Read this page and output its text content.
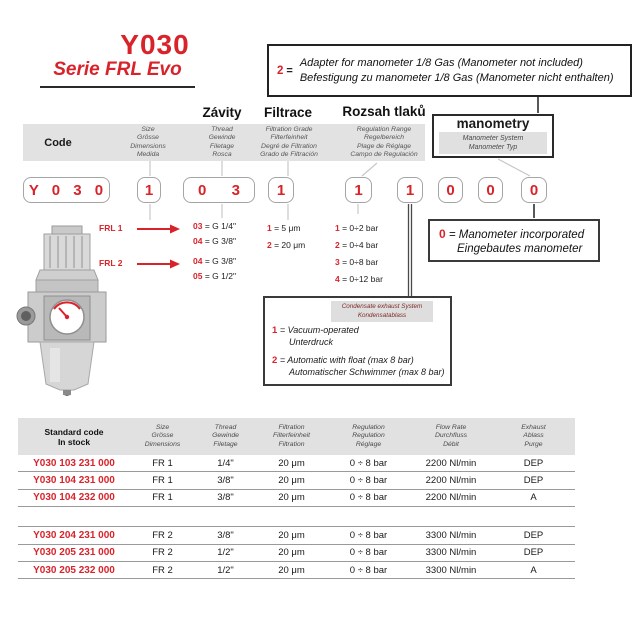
Y030
Serie FRL Evo	2 =
Adapter for manometer 1/8 Gas (Manometer not included)
Befestigung zu manometer 1/8 Gas (Manometer nicht enthalten)
Závity	Filtrace	Rozsah tlaků
Code
Size
Grösse
Dimensions
Medida
Thread
Gewinde
Filetage
Rosca
Filtration Grade
Filterfeinheit
Degré de Filtration
Grado de Filtración
Regulation Range
Regelbereich
Plage de Réglage
Campo de Regulación
manometry
Manometer System
Manometer Typ
Y 0 3 0	1	0 3	1	1	1	0	0	0
FRL 1
FRL 2
03 = G 1/4"
04 = G 3/8"
04 = G 3/8"
05 = G 1/2"
1 = 5 μm
2 = 20 μm
1 = 0÷2 bar
2 = 0÷4 bar
3 = 0÷8 bar
4 = 0÷12 bar
0 = Manometer incorporated
Eingebautes manometer
Condensate exhaust System
Kondensatablass
1 = Vacuum-operated
Unterdruck
2 = Automatic with float (max 8 bar)
Automatischer Schwimmer (max 8 bar)
Standard code
In stock
Size
Grösse
Dimensions
Thread
Gewinde
Filetage
Filtration
Filterfeinheit
Filtration
Regulation
Regulation
Réglage
Flow Rate
Durchfluss
Débit
Exhaust
Ablass
Purge
Y030 103 231 000	FR 1	1/4"	20 μm	0 ÷ 8 bar	2200 Nl/min	DEP
Y030 104 231 000	FR 1	3/8"	20 μm	0 ÷ 8 bar	2200 Nl/min	DEP
Y030 104 232 000	FR 1	3/8"	20 μm	0 ÷ 8 bar	2200 Nl/min	A
Y030 204 231 000	FR 2	3/8"	20 μm	0 ÷ 8 bar	3300 Nl/min	DEP
Y030 205 231 000	FR 2	1/2"	20 μm	0 ÷ 8 bar	3300 Nl/min	DEP
Y030 205 232 000	FR 2	1/2"	20 μm	0 ÷ 8 bar	3300 Nl/min	A
